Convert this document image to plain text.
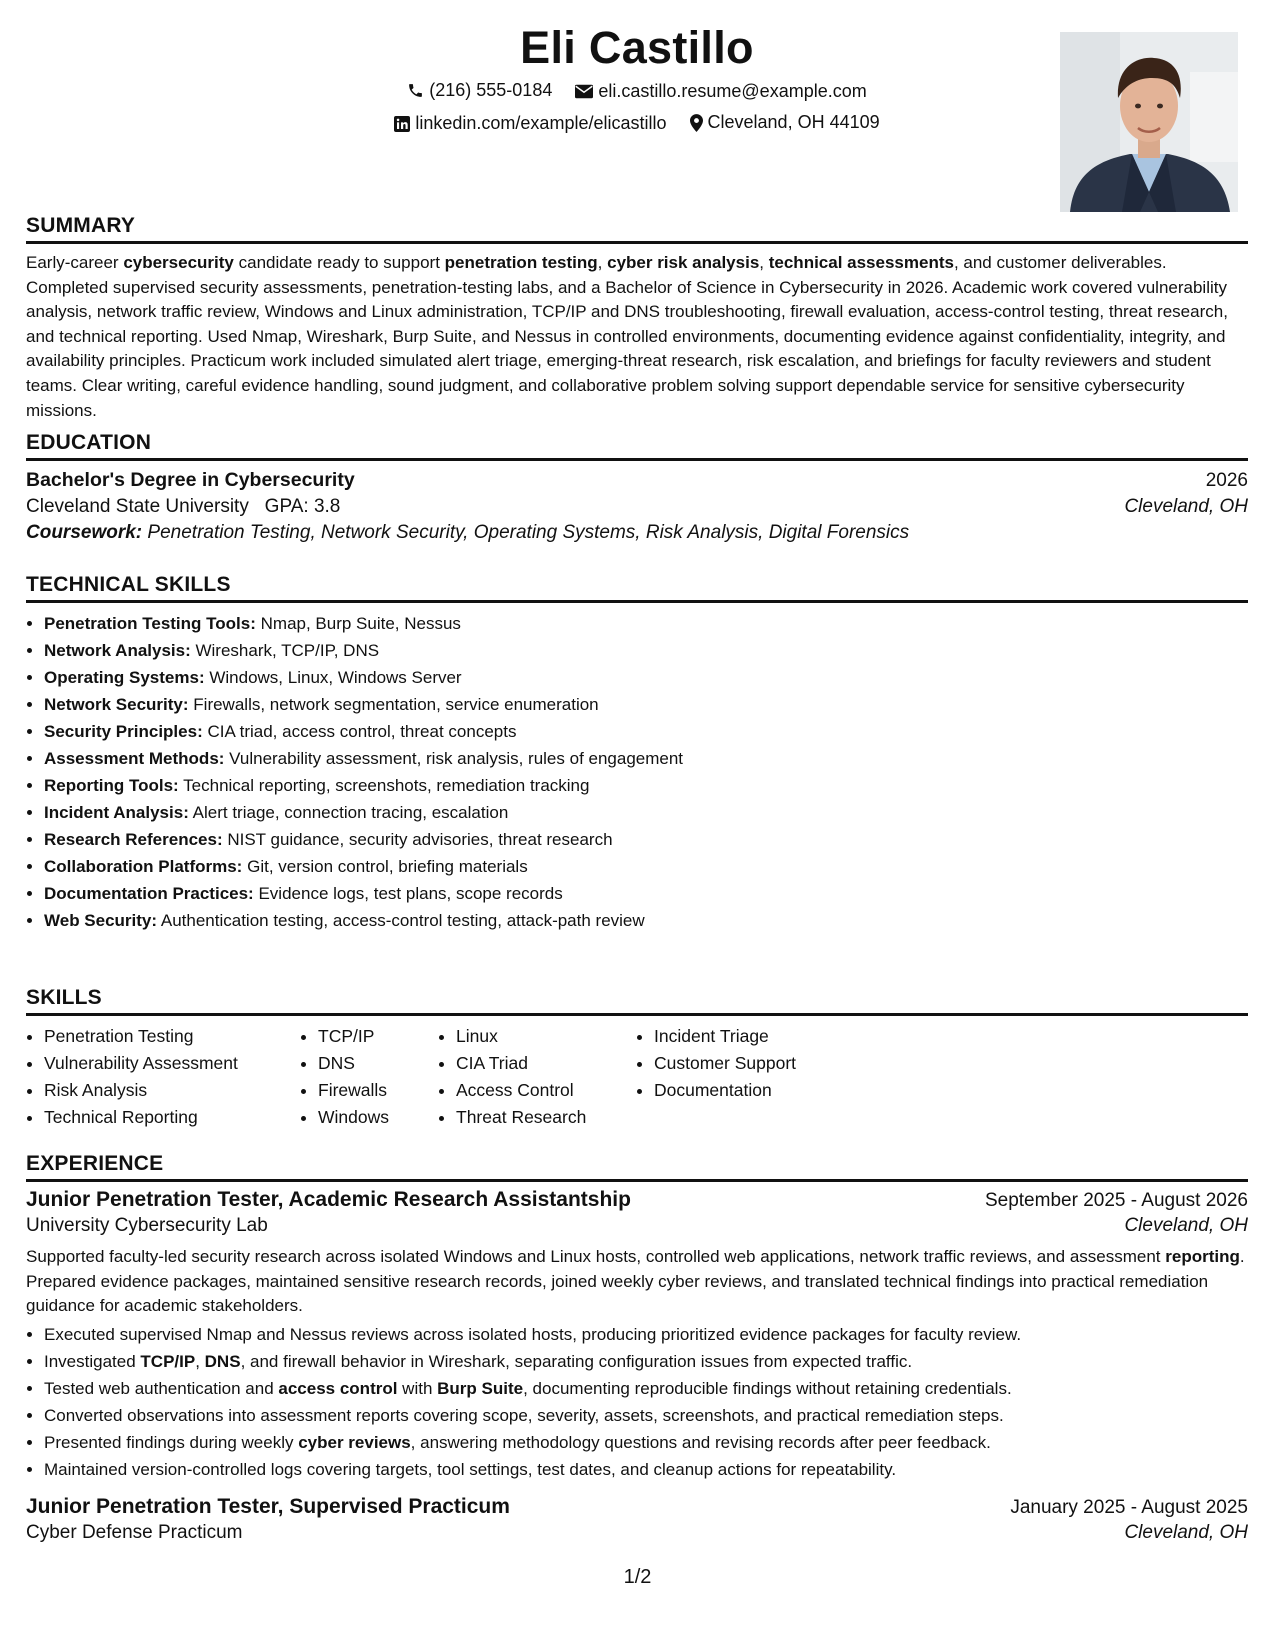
Eli Castillo
(216) 555-0184
	eli.castillo.resume@example.com
linkedin.com/example/elicastillo
Cleveland, OH 44109
SUMMARY
Early-career cybersecurity candidate ready to support penetration testing, cyber risk analysis, technical assessments, and customer deliverables. Completed supervised security assessments, penetration-testing labs, and a Bachelor of Science in Cybersecurity in 2026. Academic work covered vulnerability analysis, network traffic review, Windows and Linux administration, TCP/IP and DNS troubleshooting, firewall evaluation, access-control testing, threat research, and technical reporting. Used Nmap, Wireshark, Burp Suite, and Nessus in controlled environments, documenting evidence against confidentiality, integrity, and availability principles. Practicum work included simulated alert triage, emerging-threat research, risk escalation, and briefings for faculty reviewers and student teams. Clear writing, careful evidence handling, sound judgment, and collaborative problem solving support dependable service for sensitive cybersecurity missions.
EDUCATION
Bachelor's Degree in Cybersecurity	2026
Cleveland State University GPA: 3.8	Cleveland, OH
Coursework: Penetration Testing, Network Security, Operating Systems, Risk Analysis, Digital Forensics
TECHNICAL SKILLS
• Penetration Testing Tools: Nmap, Burp Suite, Nessus
• Network Analysis: Wireshark, TCP/IP, DNS
• Operating Systems: Windows, Linux, Windows Server
• Network Security: Firewalls, network segmentation, service enumeration
• Security Principles: CIA triad, access control, threat concepts
• Assessment Methods: Vulnerability assessment, risk analysis, rules of engagement
• Reporting Tools: Technical reporting, screenshots, remediation tracking
• Incident Analysis: Alert triage, connection tracing, escalation
• Research References: NIST guidance, security advisories, threat research
• Collaboration Platforms: Git, version control, briefing materials
• Documentation Practices: Evidence logs, test plans, scope records
• Web Security: Authentication testing, access-control testing, attack-path review
SKILLS
• Penetration Testing
• Vulnerability Assessment
• Risk Analysis
• Technical Reporting
• TCP/IP
• DNS
• Firewalls
• Windows
• Linux
• CIA Triad
• Access Control
• Threat Research
• Incident Triage
• Customer Support
• Documentation
EXPERIENCE
Junior Penetration Tester, Academic Research Assistantship	September 2025 - August 2026
University Cybersecurity Lab	Cleveland, OH
Supported faculty-led security research across isolated Windows and Linux hosts, controlled web applications, network traffic reviews, and assessment reporting. Prepared evidence packages, maintained sensitive research records, joined weekly cyber reviews, and translated technical findings into practical remediation guidance for academic stakeholders.
• Executed supervised Nmap and Nessus reviews across isolated hosts, producing prioritized evidence packages for faculty review.
• Investigated TCP/IP, DNS, and firewall behavior in Wireshark, separating configuration issues from expected traffic.
• Tested web authentication and access control with Burp Suite, documenting reproducible findings without retaining credentials.
• Converted observations into assessment reports covering scope, severity, assets, screenshots, and practical remediation steps.
• Presented findings during weekly cyber reviews, answering methodology questions and revising records after peer feedback.
• Maintained version-controlled logs covering targets, tool settings, test dates, and cleanup actions for repeatability.
Junior Penetration Tester, Supervised Practicum	January 2025 - August 2025
Cyber Defense Practicum	Cleveland, OH
1/2
